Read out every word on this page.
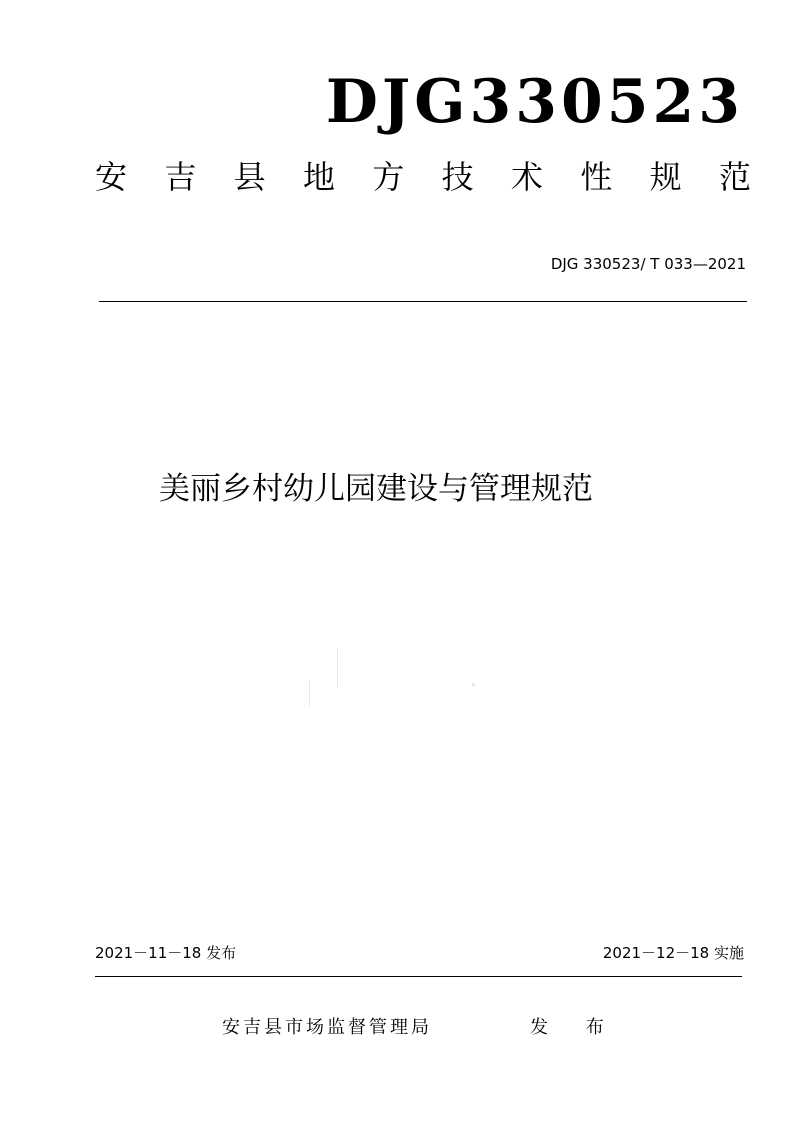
DJG330523
安 吉 县 地 方 技 术 性 规 范
DJG 330523/ T 033—2021
美丽乡村幼儿园建设与管理规范
2021－11－18 发布	2021－12－18 实施
安吉县市场监督管理局	发 布
